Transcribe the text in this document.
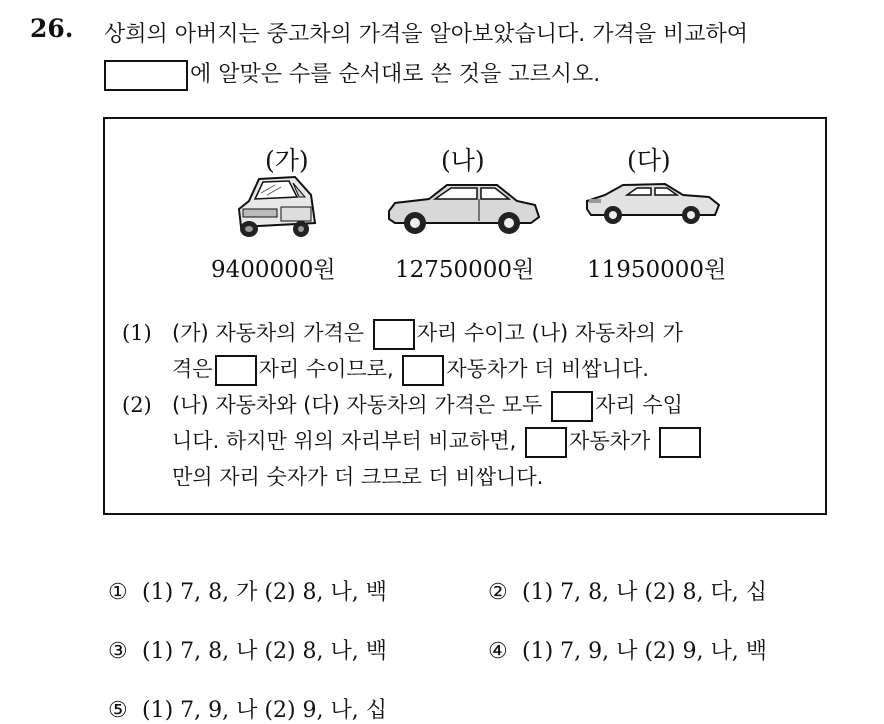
26. 상희의 아버지는 중고차의 가격을 알아보았습니다. 가격을 비교하여
에 알맞은 수를 순서대로 쓴 것을 고르시오.
(가)
9400000원
(나)
12750000원
(다)
11950000원
(1) (가) 자동차의 가격은	자리 수이고 (나) 자동차의 가
격은 자리 수이므로,	자동차가 더 비쌉니다.
(2) (나) 자동차와 (다) 자동차의 가격은 모두	자리 수입
니다. 하지만 위의 자리부터 비교하면,	자동차가
만의 자리 숫자가 더 크므로 더 비쌉니다.
① (1) 7, 8, 가 (2) 8, 나, 백	② (1) 7, 8, 나 (2) 8, 다, 십
③ (1) 7, 8, 나 (2) 8, 나, 백	④ (1) 7, 9, 나 (2) 9, 나, 백
⑤ (1) 7, 9, 나 (2) 9, 나, 십
